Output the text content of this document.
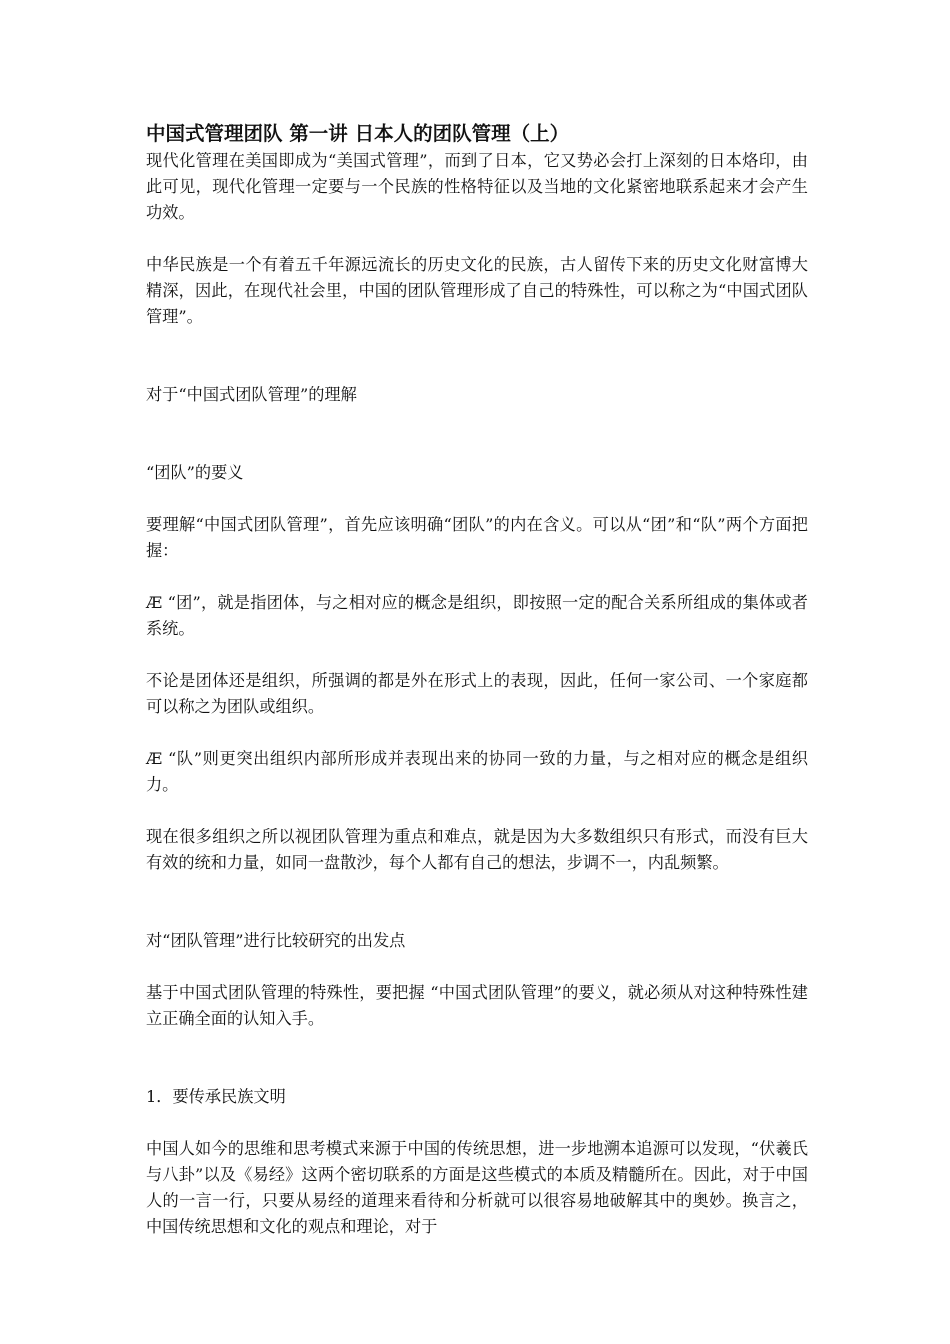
中国式管理团队 第一讲 日本人的团队管理（上）

现代化管理在美国即成为“美国式管理”，而到了日本，它又势必会打上深刻的日本烙印，由此可见，现代化管理一定要与一个民族的性格特征以及当地的文化紧密地联系起来才会产生功效。

中华民族是一个有着五千年源远流长的历史文化的民族，古人留传下来的历史文化财富博大精深，因此，在现代社会里，中国的团队管理形成了自己的特殊性，可以称之为“中国式团队管理”。

对于“中国式团队管理”的理解

“团队”的要义

要理解“中国式团队管理”，首先应该明确“团队”的内在含义。可以从“团”和“队”两个方面把握：

Æ “团”，就是指团体，与之相对应的概念是组织，即按照一定的配合关系所组成的集体或者系统。

不论是团体还是组织，所强调的都是外在形式上的表现，因此，任何一家公司、一个家庭都可以称之为团队或组织。

Æ “队”则更突出组织内部所形成并表现出来的协同一致的力量，与之相对应的概念是组织力。

现在很多组织之所以视团队管理为重点和难点，就是因为大多数组织只有形式，而没有巨大有效的统和力量，如同一盘散沙，每个人都有自己的想法，步调不一，内乱频繁。

对“团队管理”进行比较研究的出发点

基于中国式团队管理的特殊性，要把握 “中国式团队管理”的要义，就必须从对这种特殊性建立正确全面的认知入手。

1．要传承民族文明

中国人如今的思维和思考模式来源于中国的传统思想，进一步地溯本追源可以发现，“伏羲氏与八卦”以及《易经》这两个密切联系的方面是这些模式的本质及精髓所在。因此，对于中国人的一言一行，只要从易经的道理来看待和分析就可以很容易地破解其中的奥妙。换言之，中国传统思想和文化的观点和理论，对于
